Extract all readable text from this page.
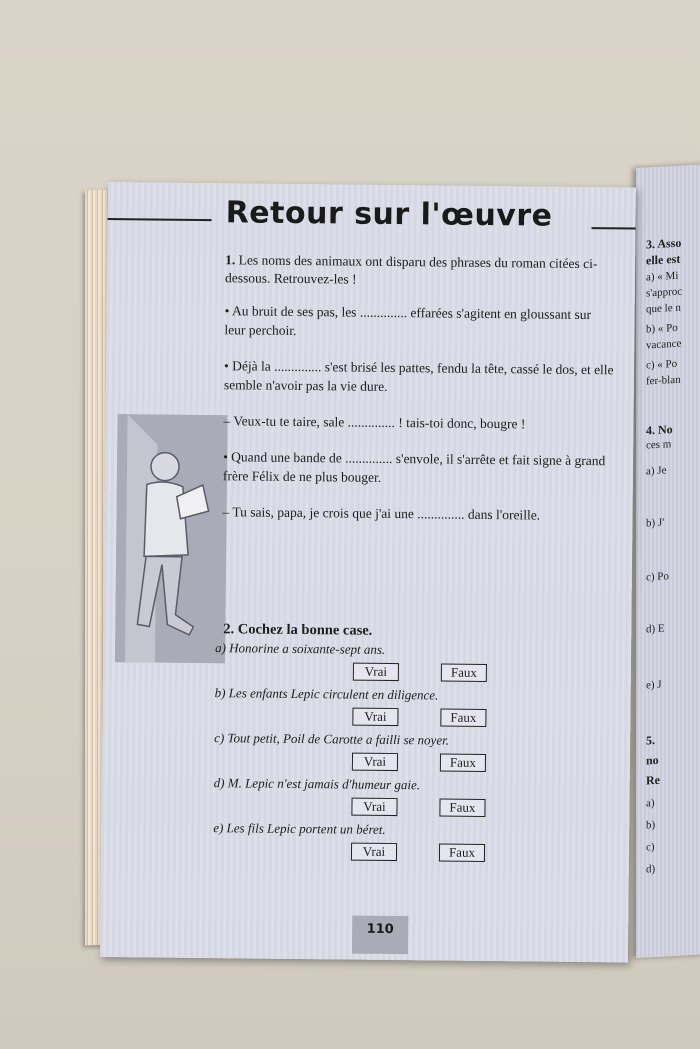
3. Asso
elle est
a) « Mi
s'approc
que le n
b) « Po
vacance
c) « Po
fer-blan
4. No
ces m
a) Je
b) J'
c) Po
d) E
e) J
5.
no
Re
a)
b)
c)
d)
Retour sur l'œuvre

1. Les noms des animaux ont disparu des phrases du roman citées ci-dessous. Retrouvez-les !

• Au bruit de ses pas, les .............. effarées s'agitent en gloussant sur leur perchoir.

• Déjà la .............. s'est brisé les pattes, fendu la tête, cassé le dos, et elle semble n'avoir pas la vie dure.

– Veux-tu te taire, sale .............. ! tais-toi donc, bougre !

• Quand une bande de .............. s'envole, il s'arrête et fait signe à grand frère Félix de ne plus bouger.

– Tu sais, papa, je crois que j'ai une .............. dans l'oreille.

2. Cochez la bonne case.

a) Honorine a soixante-sept ans.

Vrai	Faux

b) Les enfants Lepic circulent en diligence.

Vrai	Faux

c) Tout petit, Poil de Carotte a failli se noyer.

Vrai	Faux

d) M. Lepic n'est jamais d'humeur gaie.

Vrai	Faux

e) Les fils Lepic portent un béret.

Vrai	Faux
110
